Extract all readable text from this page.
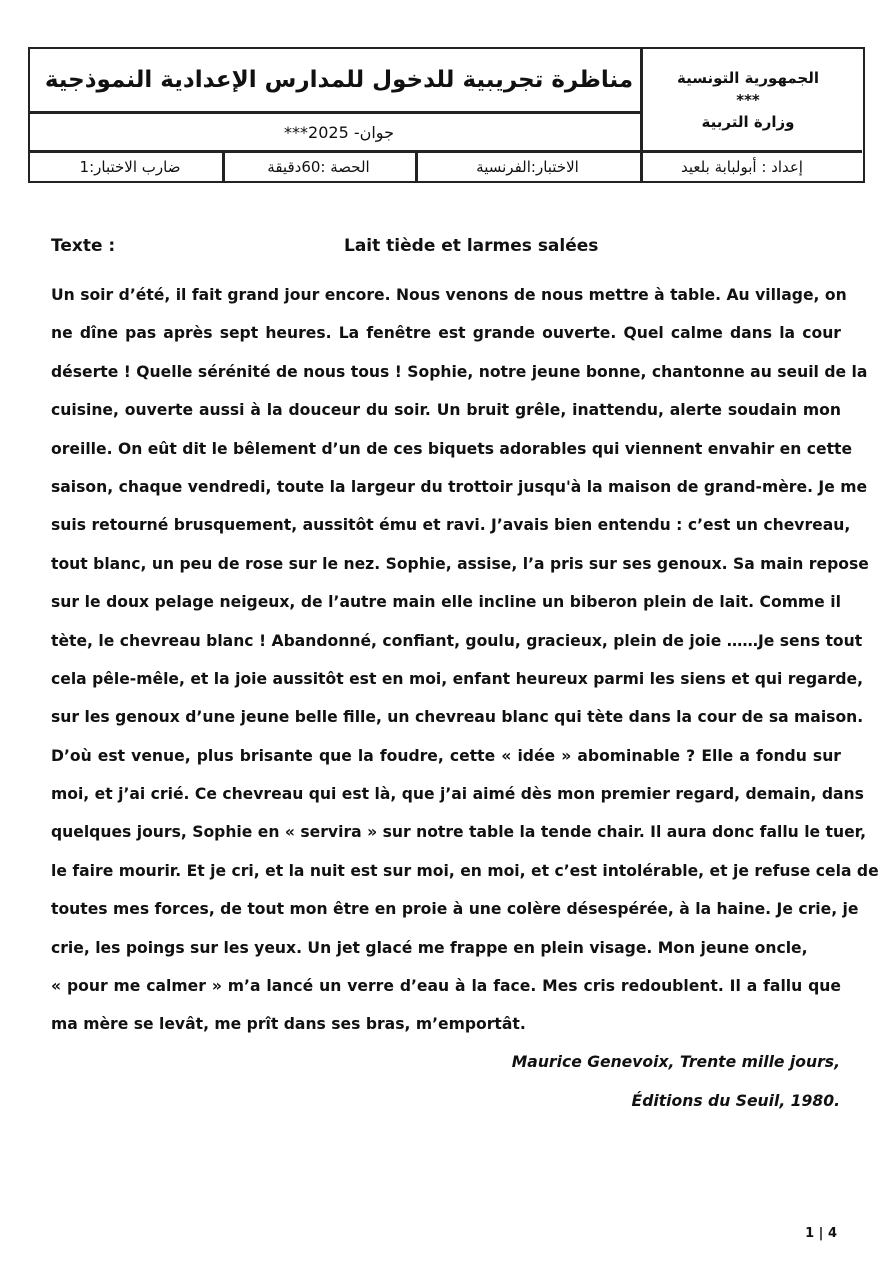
مناظرة تجريبية للدخول للمدارس الإعدادية النموذجية
جوان- 2025***
الجمهورية التونسية
***
وزارة التربية
إعداد : أبولبابة بلعيد
الاختبار:الفرنسية
الحصة :60دقيقة
ضارب الاختبار:
1
Texte :	Lait tiède et larmes salées
Un soir d’été, il fait grand jour encore. Nous venons de nous mettre à table. Au village, on
ne dîne pas après sept heures. La fenêtre est grande ouverte. Quel calme dans la cour
déserte ! Quelle sérénité de nous tous ! Sophie, notre jeune bonne, chantonne au seuil de la
cuisine, ouverte aussi à la douceur du soir. Un bruit grêle, inattendu, alerte soudain mon
oreille. On eût dit le bêlement d’un de ces biquets adorables qui viennent envahir en cette
saison, chaque vendredi, toute la largeur du trottoir jusqu'à la maison de grand-mère. Je me
suis retourné brusquement, aussitôt ému et ravi. J’avais bien entendu : c’est un chevreau,
tout blanc, un peu de rose sur le nez. Sophie, assise, l’a pris sur ses genoux. Sa main repose
sur le doux pelage neigeux, de l’autre main elle incline un biberon plein de lait. Comme il
tète, le chevreau blanc ! Abandonné, confiant, goulu, gracieux, plein de joie ……Je sens tout
cela pêle-mêle, et la joie aussitôt est en moi, enfant heureux parmi les siens et qui regarde,
sur les genoux d’une jeune belle fille, un chevreau blanc qui tète dans la cour de sa maison.
D’où est venue, plus brisante que la foudre, cette « idée » abominable ? Elle a fondu sur
moi, et j’ai crié. Ce chevreau qui est là, que j’ai aimé dès mon premier regard, demain, dans
quelques jours, Sophie en « servira » sur notre table la tende chair. Il aura donc fallu le tuer,
le faire mourir. Et je cri, et la nuit est sur moi, en moi, et c’est intolérable, et je refuse cela de
toutes mes forces, de tout mon être en proie à une colère désespérée, à la haine. Je crie, je
crie, les poings sur les yeux. Un jet glacé me frappe en plein visage. Mon jeune oncle,
« pour me calmer » m’a lancé un verre d’eau à la face. Mes cris redoublent. Il a fallu que
ma mère se levât, me prît dans ses bras, m’emportât.
Maurice Genevoix, Trente mille jours,
Éditions du Seuil, 1980.
1 | 4
